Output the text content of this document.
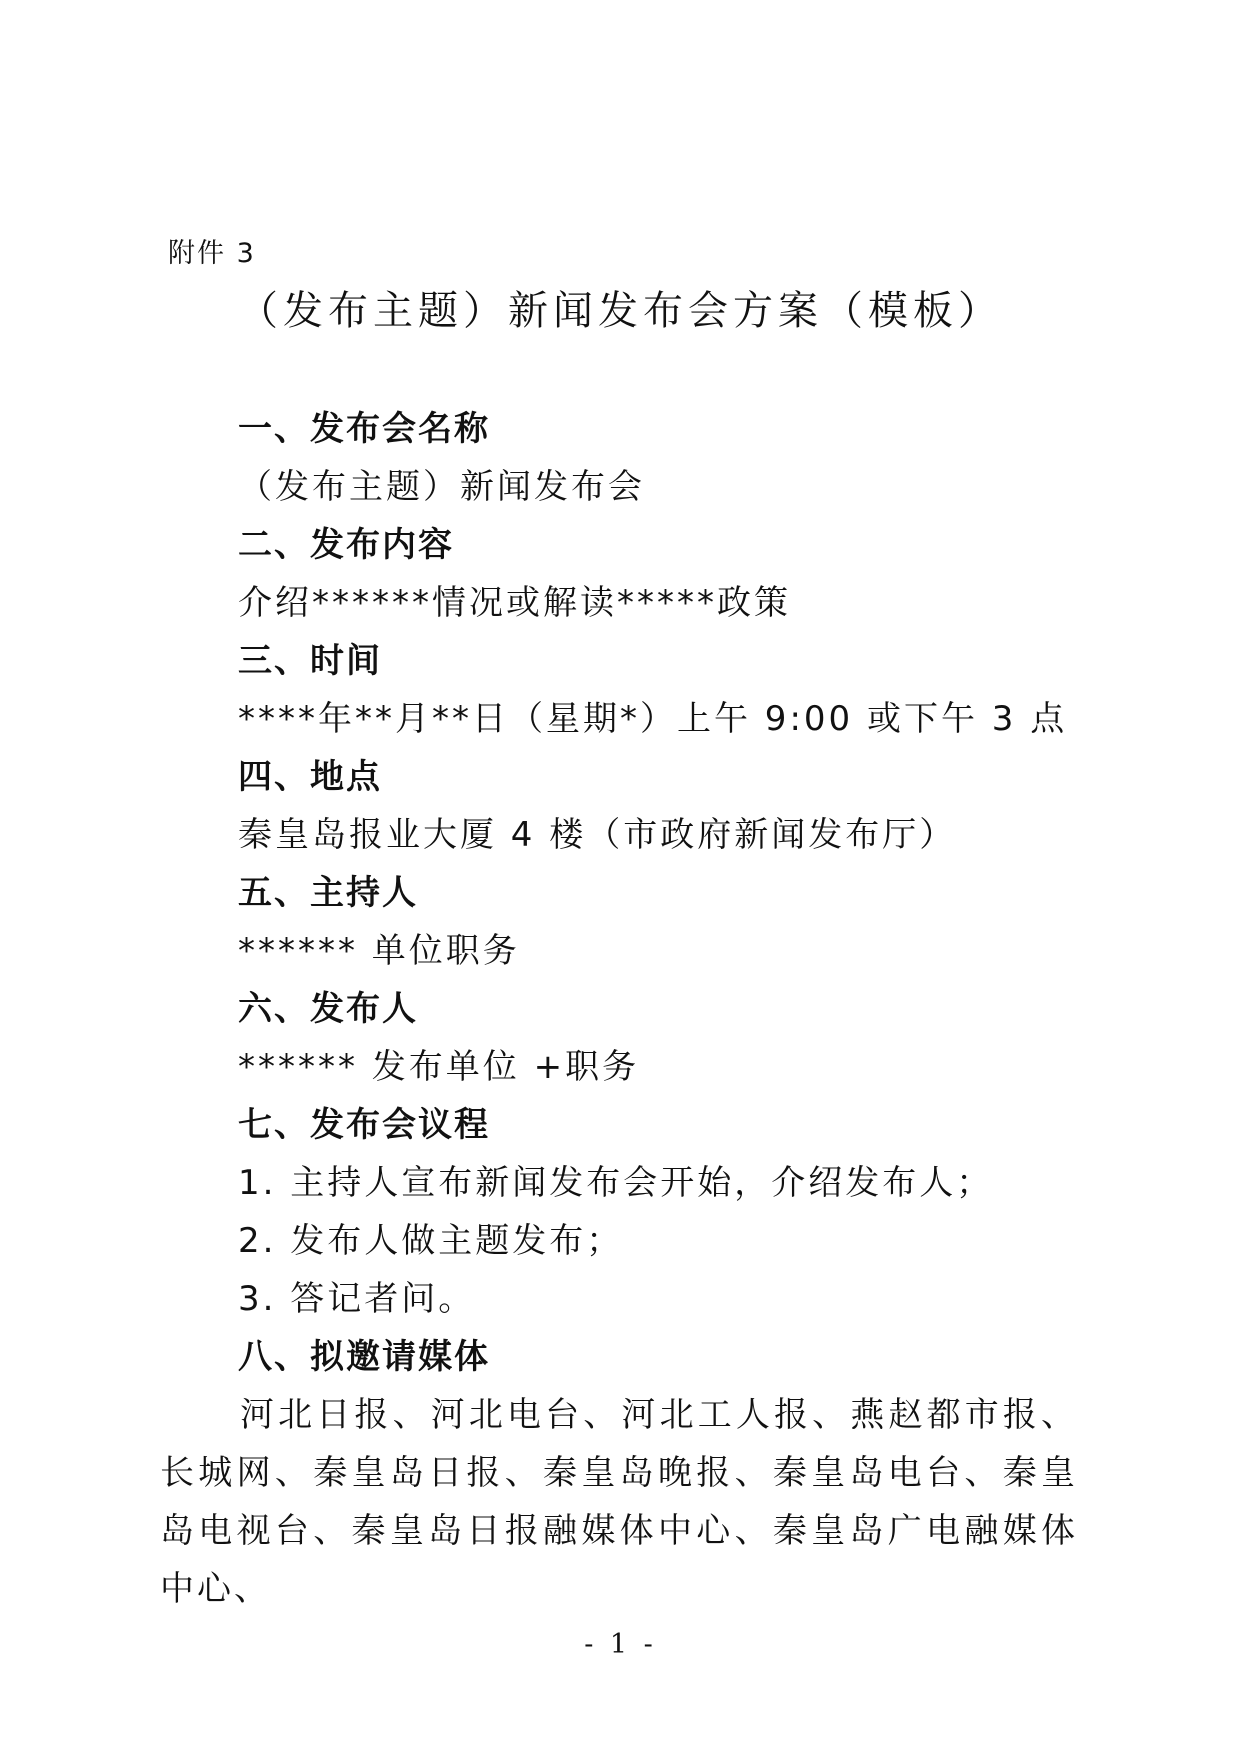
附件 3
（发布主题）新闻发布会方案（模板）
一、发布会名称
（发布主题）新闻发布会
二、发布内容
介绍******情况或解读*****政策
三、时间
****年**月**日（星期*）上午 9:00 或下午 3 点
四、地点
秦皇岛报业大厦 4 楼（市政府新闻发布厅）
五、主持人
****** 单位职务
六、发布人
****** 发布单位 +职务
七、发布会议程
1. 主持人宣布新闻发布会开始，介绍发布人；
2. 发布人做主题发布；
3. 答记者问。
八、拟邀请媒体
河北日报、河北电台、河北工人报、燕赵都市报、长城网、秦皇岛日报、秦皇岛晚报、秦皇岛电台、秦皇岛电视台、秦皇岛日报融媒体中心、秦皇岛广电融媒体中心、
- 1 -
